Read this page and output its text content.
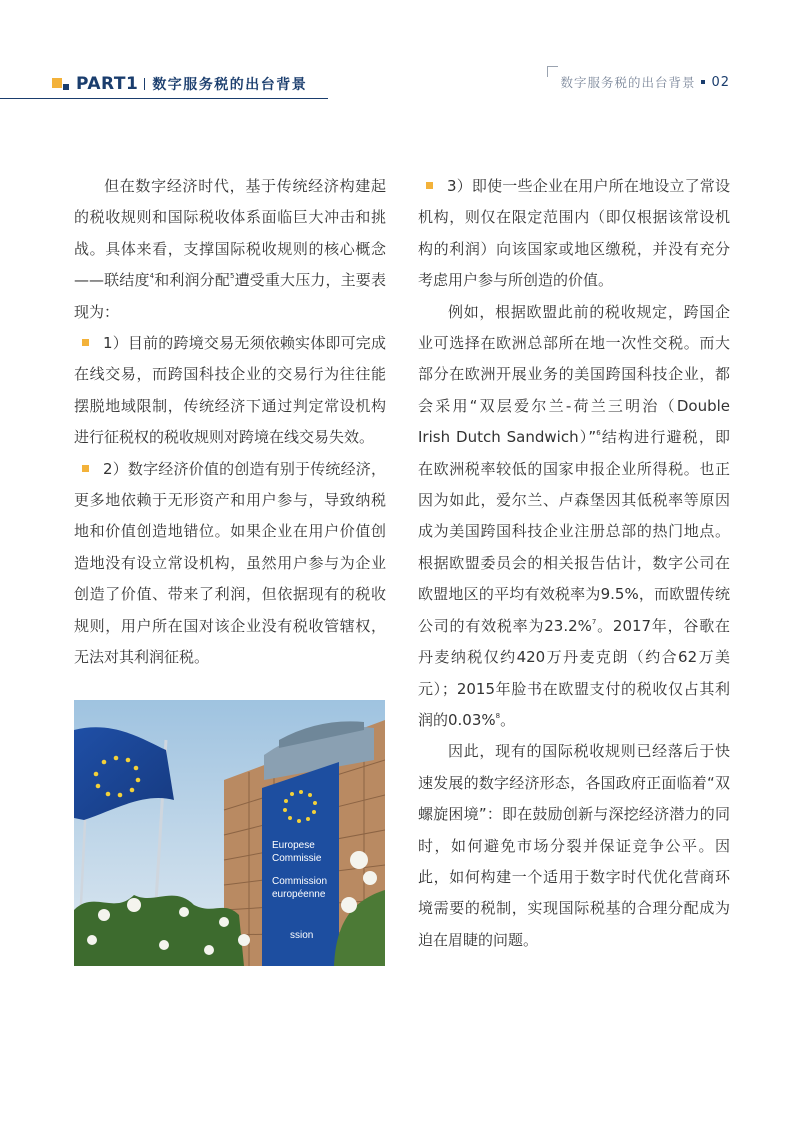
PART1 数字服务税的出台背景	数字服务税的出台背景 02

但在数字经济时代，基于传统经济构建起的税收规则和国际税收体系面临巨大冲击和挑战。具体来看，支撑国际税收规则的核心概念——联结度$^4$和利润分配$^5$遭受重大压力，主要表现为：

1）目前的跨境交易无须依赖实体即可完成在线交易，而跨国科技企业的交易行为往往能摆脱地域限制，传统经济下通过判定常设机构进行征税权的税收规则对跨境在线交易失效。

2）数字经济价值的创造有别于传统经济，更多地依赖于无形资产和用户参与，导致纳税地和价值创造地错位。如果企业在用户价值创造地没有设立常设机构，虽然用户参与为企业创造了价值、带来了利润，但依据现有的税收规则，用户所在国对该企业没有税收管辖权，无法对其利润征税。

Europese
Commissie
Commission
européenne
ssion

3）即使一些企业在用户所在地设立了常设机构，则仅在限定范围内（即仅根据该常设机构的利润）向该国家或地区缴税，并没有充分考虑用户参与所创造的价值。

例如，根据欧盟此前的税收规定，跨国企业可选择在欧洲总部所在地一次性交税。而大部分在欧洲开展业务的美国跨国科技企业，都会采用“双层爱尔兰-荷兰三明治（Double Irish Dutch Sandwich）”$^6$结构进行避税，即在欧洲税率较低的国家申报企业所得税。也正因为如此，爱尔兰、卢森堡因其低税率等原因成为美国跨国科技企业注册总部的热门地点。根据欧盟委员会的相关报告估计，数字公司在欧盟地区的平均有效税率为9.5%，而欧盟传统公司的有效税率为23.2%$^7$。2017年，谷歌在丹麦纳税仅约420万丹麦克朗（约合62万美元）；2015年脸书在欧盟支付的税收仅占其利润的0.03%$^8$。

因此，现有的国际税收规则已经落后于快速发展的数字经济形态，各国政府正面临着“双螺旋困境”：即在鼓励创新与深挖经济潜力的同时，如何避免市场分裂并保证竞争公平。因此，如何构建一个适用于数字时代优化营商环境需要的税制，实现国际税基的合理分配成为迫在眉睫的问题。
